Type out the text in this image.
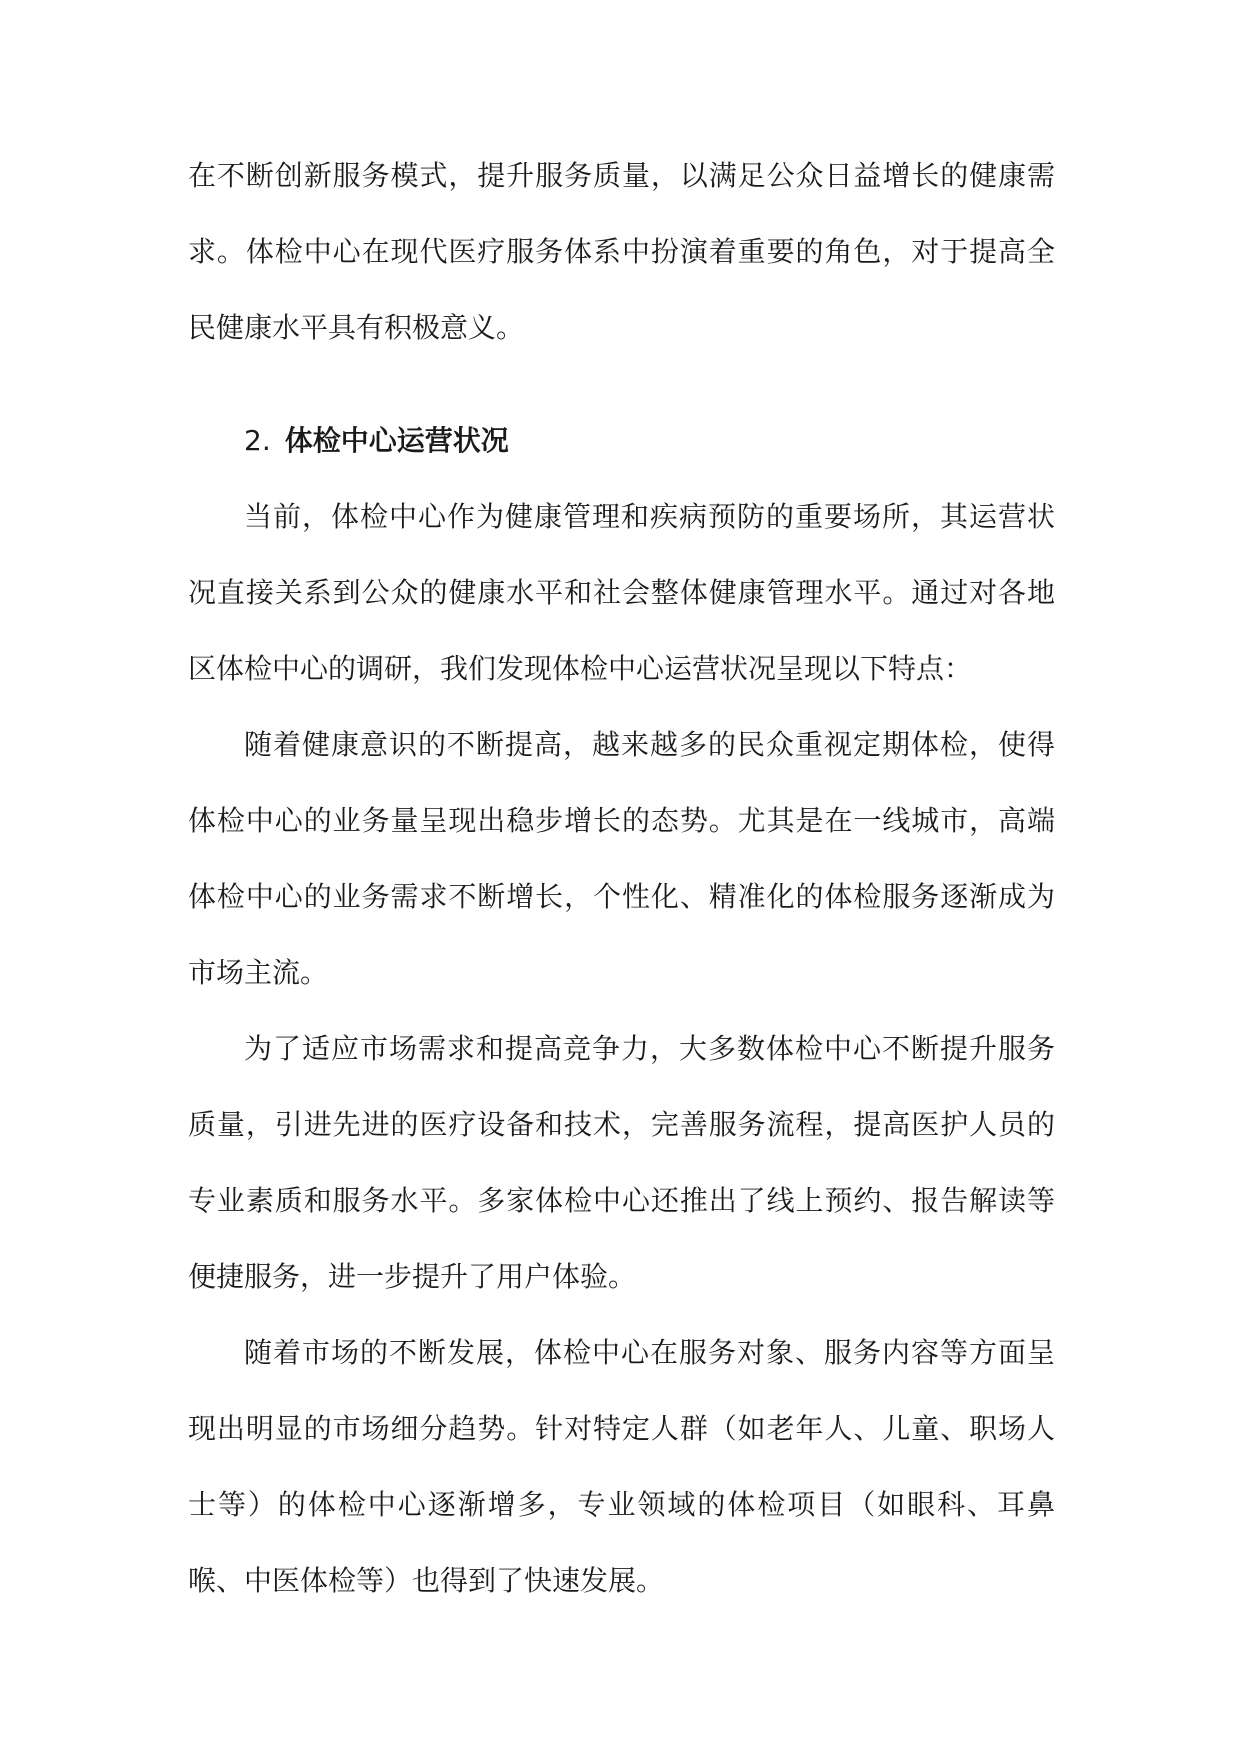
在不断创新服务模式，提升服务质量，以满足公众日益增长的健康需求。体检中心在现代医疗服务体系中扮演着重要的角色，对于提高全民健康水平具有积极意义。

2. 体检中心运营状况

当前，体检中心作为健康管理和疾病预防的重要场所，其运营状况直接关系到公众的健康水平和社会整体健康管理水平。通过对各地区体检中心的调研，我们发现体检中心运营状况呈现以下特点：

随着健康意识的不断提高，越来越多的民众重视定期体检，使得体检中心的业务量呈现出稳步增长的态势。尤其是在一线城市，高端体检中心的业务需求不断增长，个性化、精准化的体检服务逐渐成为市场主流。

为了适应市场需求和提高竞争力，大多数体检中心不断提升服务质量，引进先进的医疗设备和技术，完善服务流程，提高医护人员的专业素质和服务水平。多家体检中心还推出了线上预约、报告解读等便捷服务，进一步提升了用户体验。

随着市场的不断发展，体检中心在服务对象、服务内容等方面呈现出明显的市场细分趋势。针对特定人群（如老年人、儿童、职场人士等）的体检中心逐渐增多，专业领域的体检项目（如眼科、耳鼻喉、中医体检等）也得到了快速发展。
